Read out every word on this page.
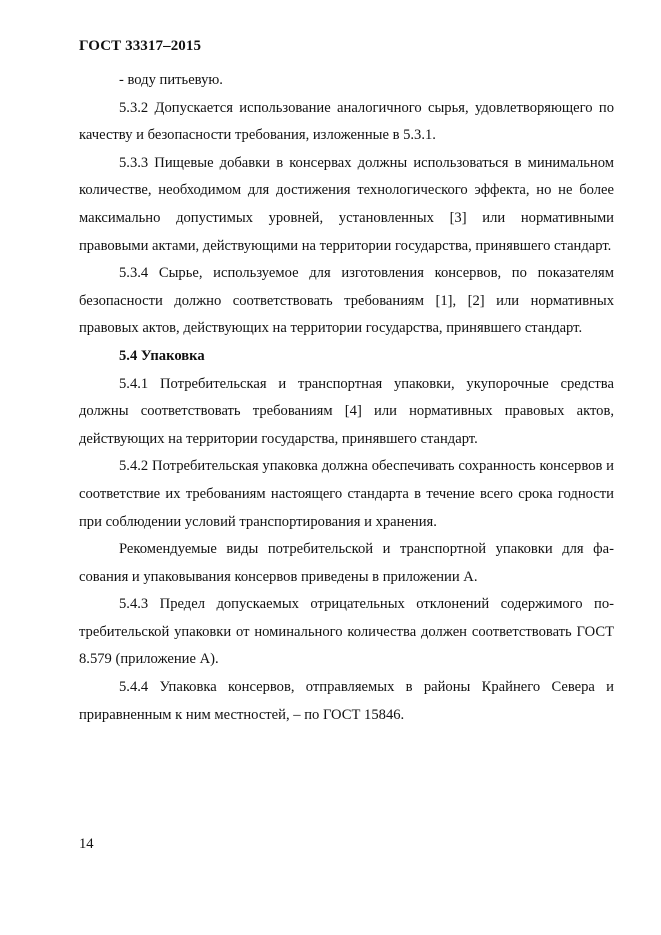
ГОСТ 33317–2015

- воду питьевую.

5.3.2 Допускается использование аналогичного сырья, удовлетворяющего по качеству и безопасности требования, изложенные в 5.3.1.

5.3.3 Пищевые добавки в консервах должны использоваться в минимальном количестве, необходимом для достижения технологического эффекта, но не более максимально допустимых уровней, установленных [3] или нормативными правовыми актами, действующими на территории государства, принявшего стандарт.

5.3.4 Сырье, используемое для изготовления консервов, по показателям безопасности должно соответствовать требованиям [1], [2] или нормативных правовых актов, действующих на территории государства, принявшего стандарт.

5.4 Упаковка

5.4.1 Потребительская и транспортная упаковки, укупорочные средства должны соответствовать требованиям [4] или нормативных правовых актов, действующих на территории государства, принявшего стандарт.

5.4.2 Потребительская упаковка должна обеспечивать сохранность консервов и соответствие их требованиям настоящего стандарта в течение всего срока годности при соблюдении условий транспортирования и хранения.

Рекомендуемые виды потребительской и транспортной упаковки для фасования и упаковывания консервов приведены в приложении А.

5.4.3 Предел допускаемых отрицательных отклонений содержимого потребительской упаковки от номинального количества должен соответствовать ГОСТ 8.579 (приложение А).

5.4.4 Упаковка консервов, отправляемых в районы Крайнего Севера и приравненным к ним местностей, – по ГОСТ 15846.

14
